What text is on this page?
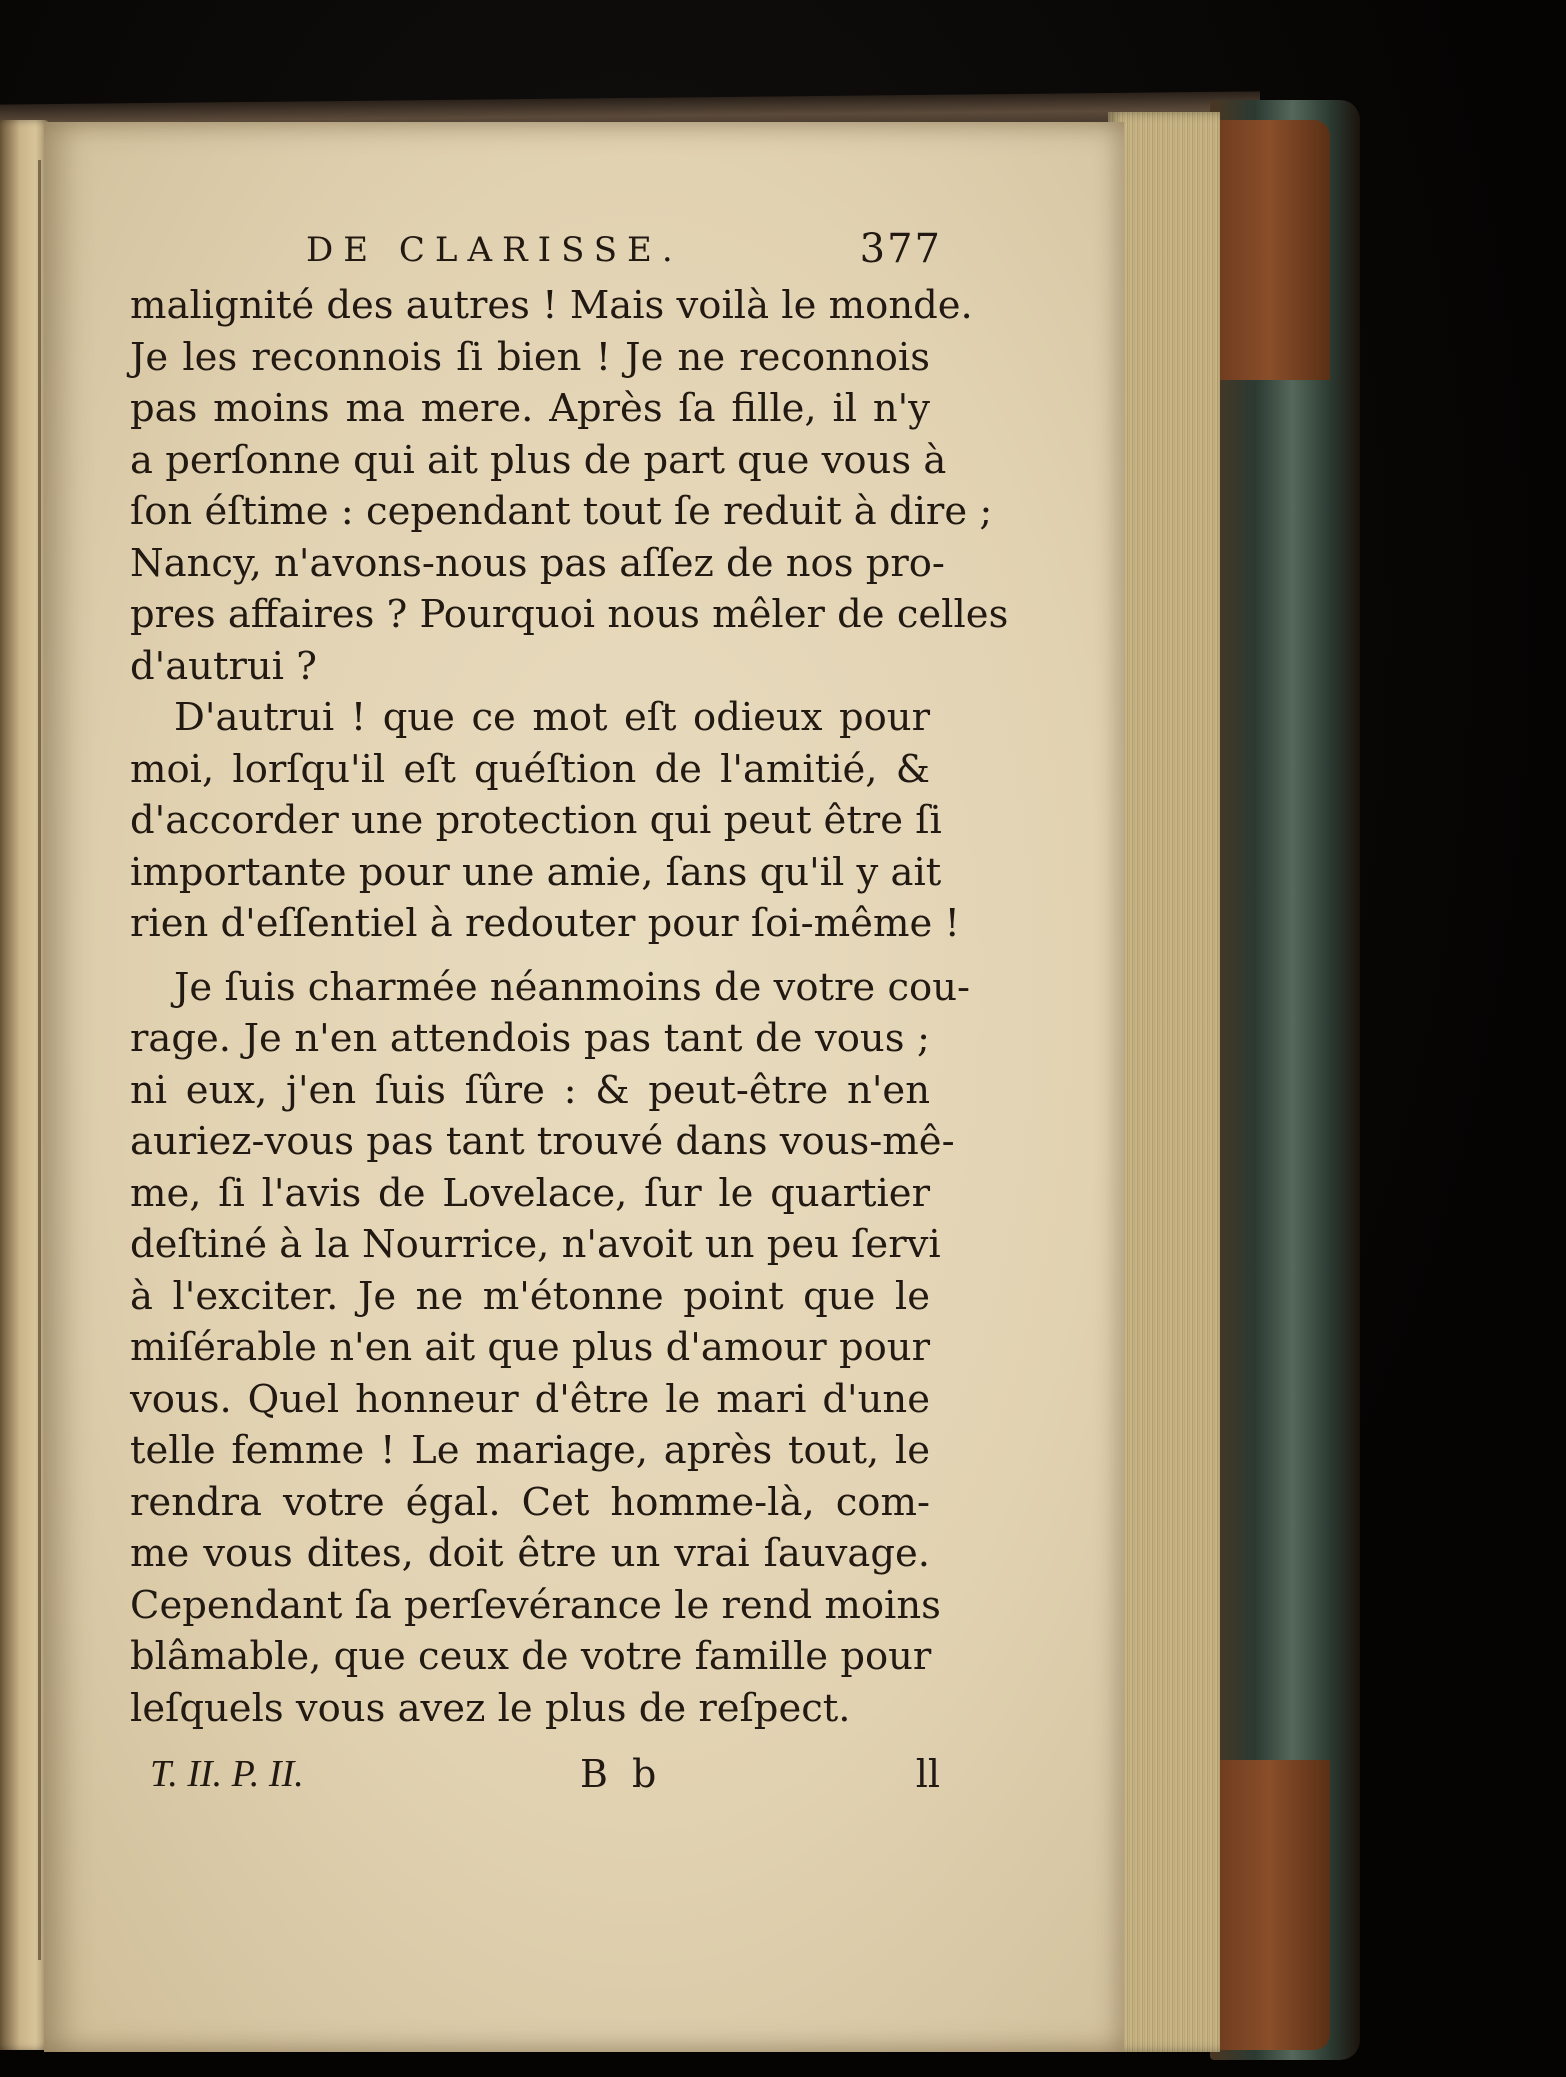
DE CLARISSE.	377
malignité des autres ! Mais voilà le monde.
Je les reconnois ſi bien ! Je ne reconnois
pas moins ma mere. Après ſa fille, il n'y
a perſonne qui ait plus de part que vous à
ſon éſtime : cependant tout ſe reduit à dire ;
Nancy, n'avons-nous pas aſſez de nos pro-
pres affaires ? Pourquoi nous mêler de celles
d'autrui ?
D'autrui ! que ce mot eſt odieux pour
moi, lorſqu'il eſt quéſtion de l'amitié, &
d'accorder une protection qui peut être ſi
importante pour une amie, ſans qu'il y ait
rien d'eſſentiel à redouter pour ſoi-même !
Je ſuis charmée néanmoins de votre cou-
rage. Je n'en attendois pas tant de vous ;
ni eux, j'en ſuis ſûre : & peut-être n'en
auriez-vous pas tant trouvé dans vous-mê-
me, ſi l'avis de Lovelace, ſur le quartier
deſtiné à la Nourrice, n'avoit un peu ſervi
à l'exciter. Je ne m'étonne point que le
miſérable n'en ait que plus d'amour pour
vous. Quel honneur d'être le mari d'une
telle femme ! Le mariage, après tout, le
rendra votre égal. Cet homme-là, com-
me vous dites, doit être un vrai ſauvage.
Cependant ſa perſevérance le rend moins
blâmable, que ceux de votre famille pour
leſquels vous avez le plus de reſpect.
T. II. P. II.	B b	ll
